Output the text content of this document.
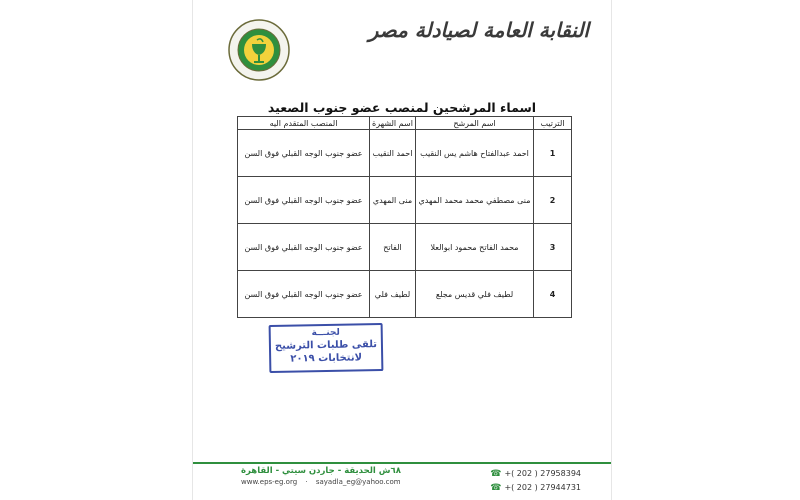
النقابة العامة لصيادلة مصر
اسماء المرشحين لمنصب عضو جنوب الصعيد
الترتيب	اسم المرشح	اسم الشهرة	المنصب المتقدم اليه
1	احمد عبدالفتاح هاشم يس النقيب	احمد النقيب	عضو جنوب الوجه القبلي فوق السن
2	منى مصطفي محمد محمد المهدي	منى المهدي	عضو جنوب الوجه القبلي فوق السن
3	محمد الفاتح محمود ابوالعلا	الفاتح	عضو جنوب الوجه القبلي فوق السن
4	لطيف فلي قديس مجلع	لطيف فلي	عضو جنوب الوجه القبلي فوق السن
لجنـــة
تلقى طلبات الترشيح
لانتخابات ٢٠١٩
٦٨ش الحديقة - جاردن سيتي - القاهرة
www.eps-eg.org · sayadla_eg@yahoo.com
☎ +( 202 ) 27958394
☎ +( 202 ) 27944731
